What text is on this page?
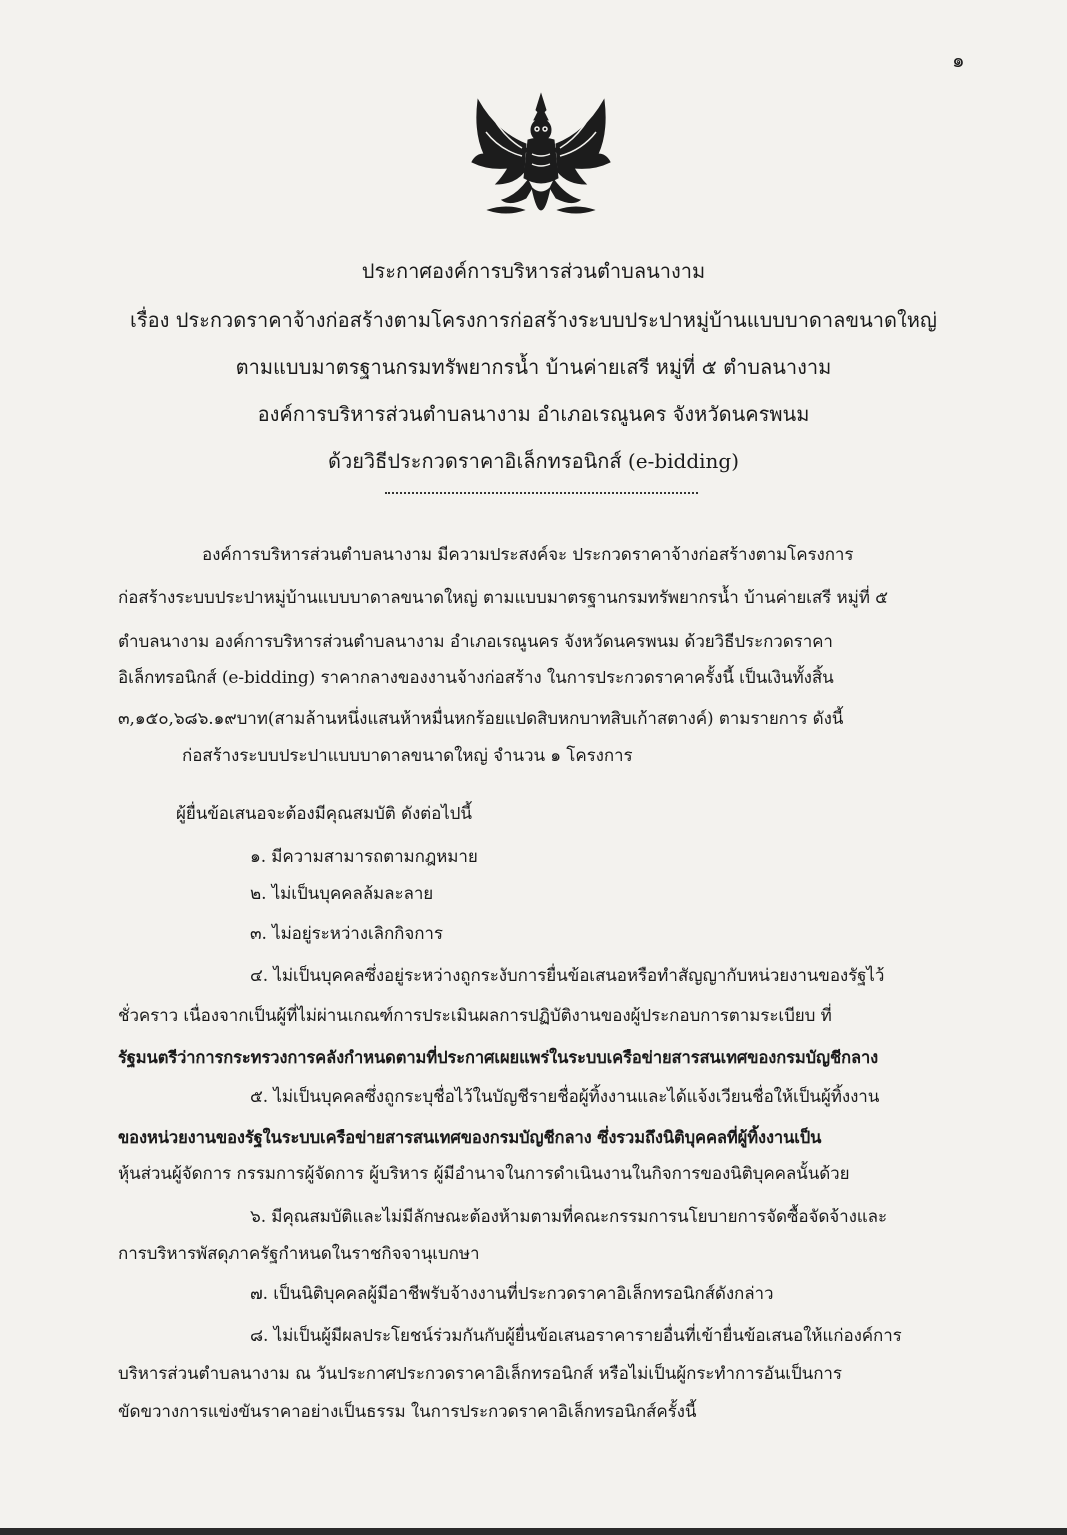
๑
ประกาศองค์การบริหารส่วนตำบลนางาม
เรื่อง ประกวดราคาจ้างก่อสร้างตามโครงการก่อสร้างระบบประปาหมู่บ้านแบบบาดาลขนาดใหญ่
ตามแบบมาตรฐานกรมทรัพยากรน้ำ บ้านค่ายเสรี หมู่ที่ ๕ ตำบลนางาม
องค์การบริหารส่วนตำบลนางาม อำเภอเรณูนคร จังหวัดนครพนม
ด้วยวิธีประกวดราคาอิเล็กทรอนิกส์ (e-bidding)
องค์การบริหารส่วนตำบลนางาม มีความประสงค์จะ ประกวดราคาจ้างก่อสร้างตามโครงการ
ก่อสร้างระบบประปาหมู่บ้านแบบบาดาลขนาดใหญ่ ตามแบบมาตรฐานกรมทรัพยากรน้ำ บ้านค่ายเสรี หมู่ที่ ๕
ตำบลนางาม องค์การบริหารส่วนตำบลนางาม อำเภอเรณูนคร จังหวัดนครพนม ด้วยวิธีประกวดราคา
อิเล็กทรอนิกส์ (e-bidding) ราคากลางของงานจ้างก่อสร้าง ในการประกวดราคาครั้งนี้ เป็นเงินทั้งสิ้น
๓,๑๕๐,๖๘๖.๑๙บาท(สามล้านหนึ่งแสนห้าหมื่นหกร้อยแปดสิบหกบาทสิบเก้าสตางค์) ตามรายการ ดังนี้
ก่อสร้างระบบประปาแบบบาดาลขนาดใหญ่ จำนวน ๑ โครงการ
ผู้ยื่นข้อเสนอจะต้องมีคุณสมบัติ ดังต่อไปนี้
๑. มีความสามารถตามกฎหมาย
๒. ไม่เป็นบุคคลล้มละลาย
๓. ไม่อยู่ระหว่างเลิกกิจการ
๔. ไม่เป็นบุคคลซึ่งอยู่ระหว่างถูกระงับการยื่นข้อเสนอหรือทำสัญญากับหน่วยงานของรัฐไว้
ชั่วคราว เนื่องจากเป็นผู้ที่ไม่ผ่านเกณฑ์การประเมินผลการปฏิบัติงานของผู้ประกอบการตามระเบียบ ที่
รัฐมนตรีว่าการกระทรวงการคลังกำหนดตามที่ประกาศเผยแพร่ในระบบเครือข่ายสารสนเทศของกรมบัญชีกลาง
๕. ไม่เป็นบุคคลซึ่งถูกระบุชื่อไว้ในบัญชีรายชื่อผู้ทิ้งงานและได้แจ้งเวียนชื่อให้เป็นผู้ทิ้งงาน
ของหน่วยงานของรัฐในระบบเครือข่ายสารสนเทศของกรมบัญชีกลาง ซึ่งรวมถึงนิติบุคคลที่ผู้ทิ้งงานเป็น
หุ้นส่วนผู้จัดการ กรรมการผู้จัดการ ผู้บริหาร ผู้มีอำนาจในการดำเนินงานในกิจการของนิติบุคคลนั้นด้วย
๖. มีคุณสมบัติและไม่มีลักษณะต้องห้ามตามที่คณะกรรมการนโยบายการจัดซื้อจัดจ้างและ
การบริหารพัสดุภาครัฐกำหนดในราชกิจจานุเบกษา
๗. เป็นนิติบุคคลผู้มีอาชีพรับจ้างงานที่ประกวดราคาอิเล็กทรอนิกส์ดังกล่าว
๘. ไม่เป็นผู้มีผลประโยชน์ร่วมกันกับผู้ยื่นข้อเสนอราคารายอื่นที่เข้ายื่นข้อเสนอให้แก่องค์การ
บริหารส่วนตำบลนางาม ณ วันประกาศประกวดราคาอิเล็กทรอนิกส์ หรือไม่เป็นผู้กระทำการอันเป็นการ
ขัดขวางการแข่งขันราคาอย่างเป็นธรรม ในการประกวดราคาอิเล็กทรอนิกส์ครั้งนี้
